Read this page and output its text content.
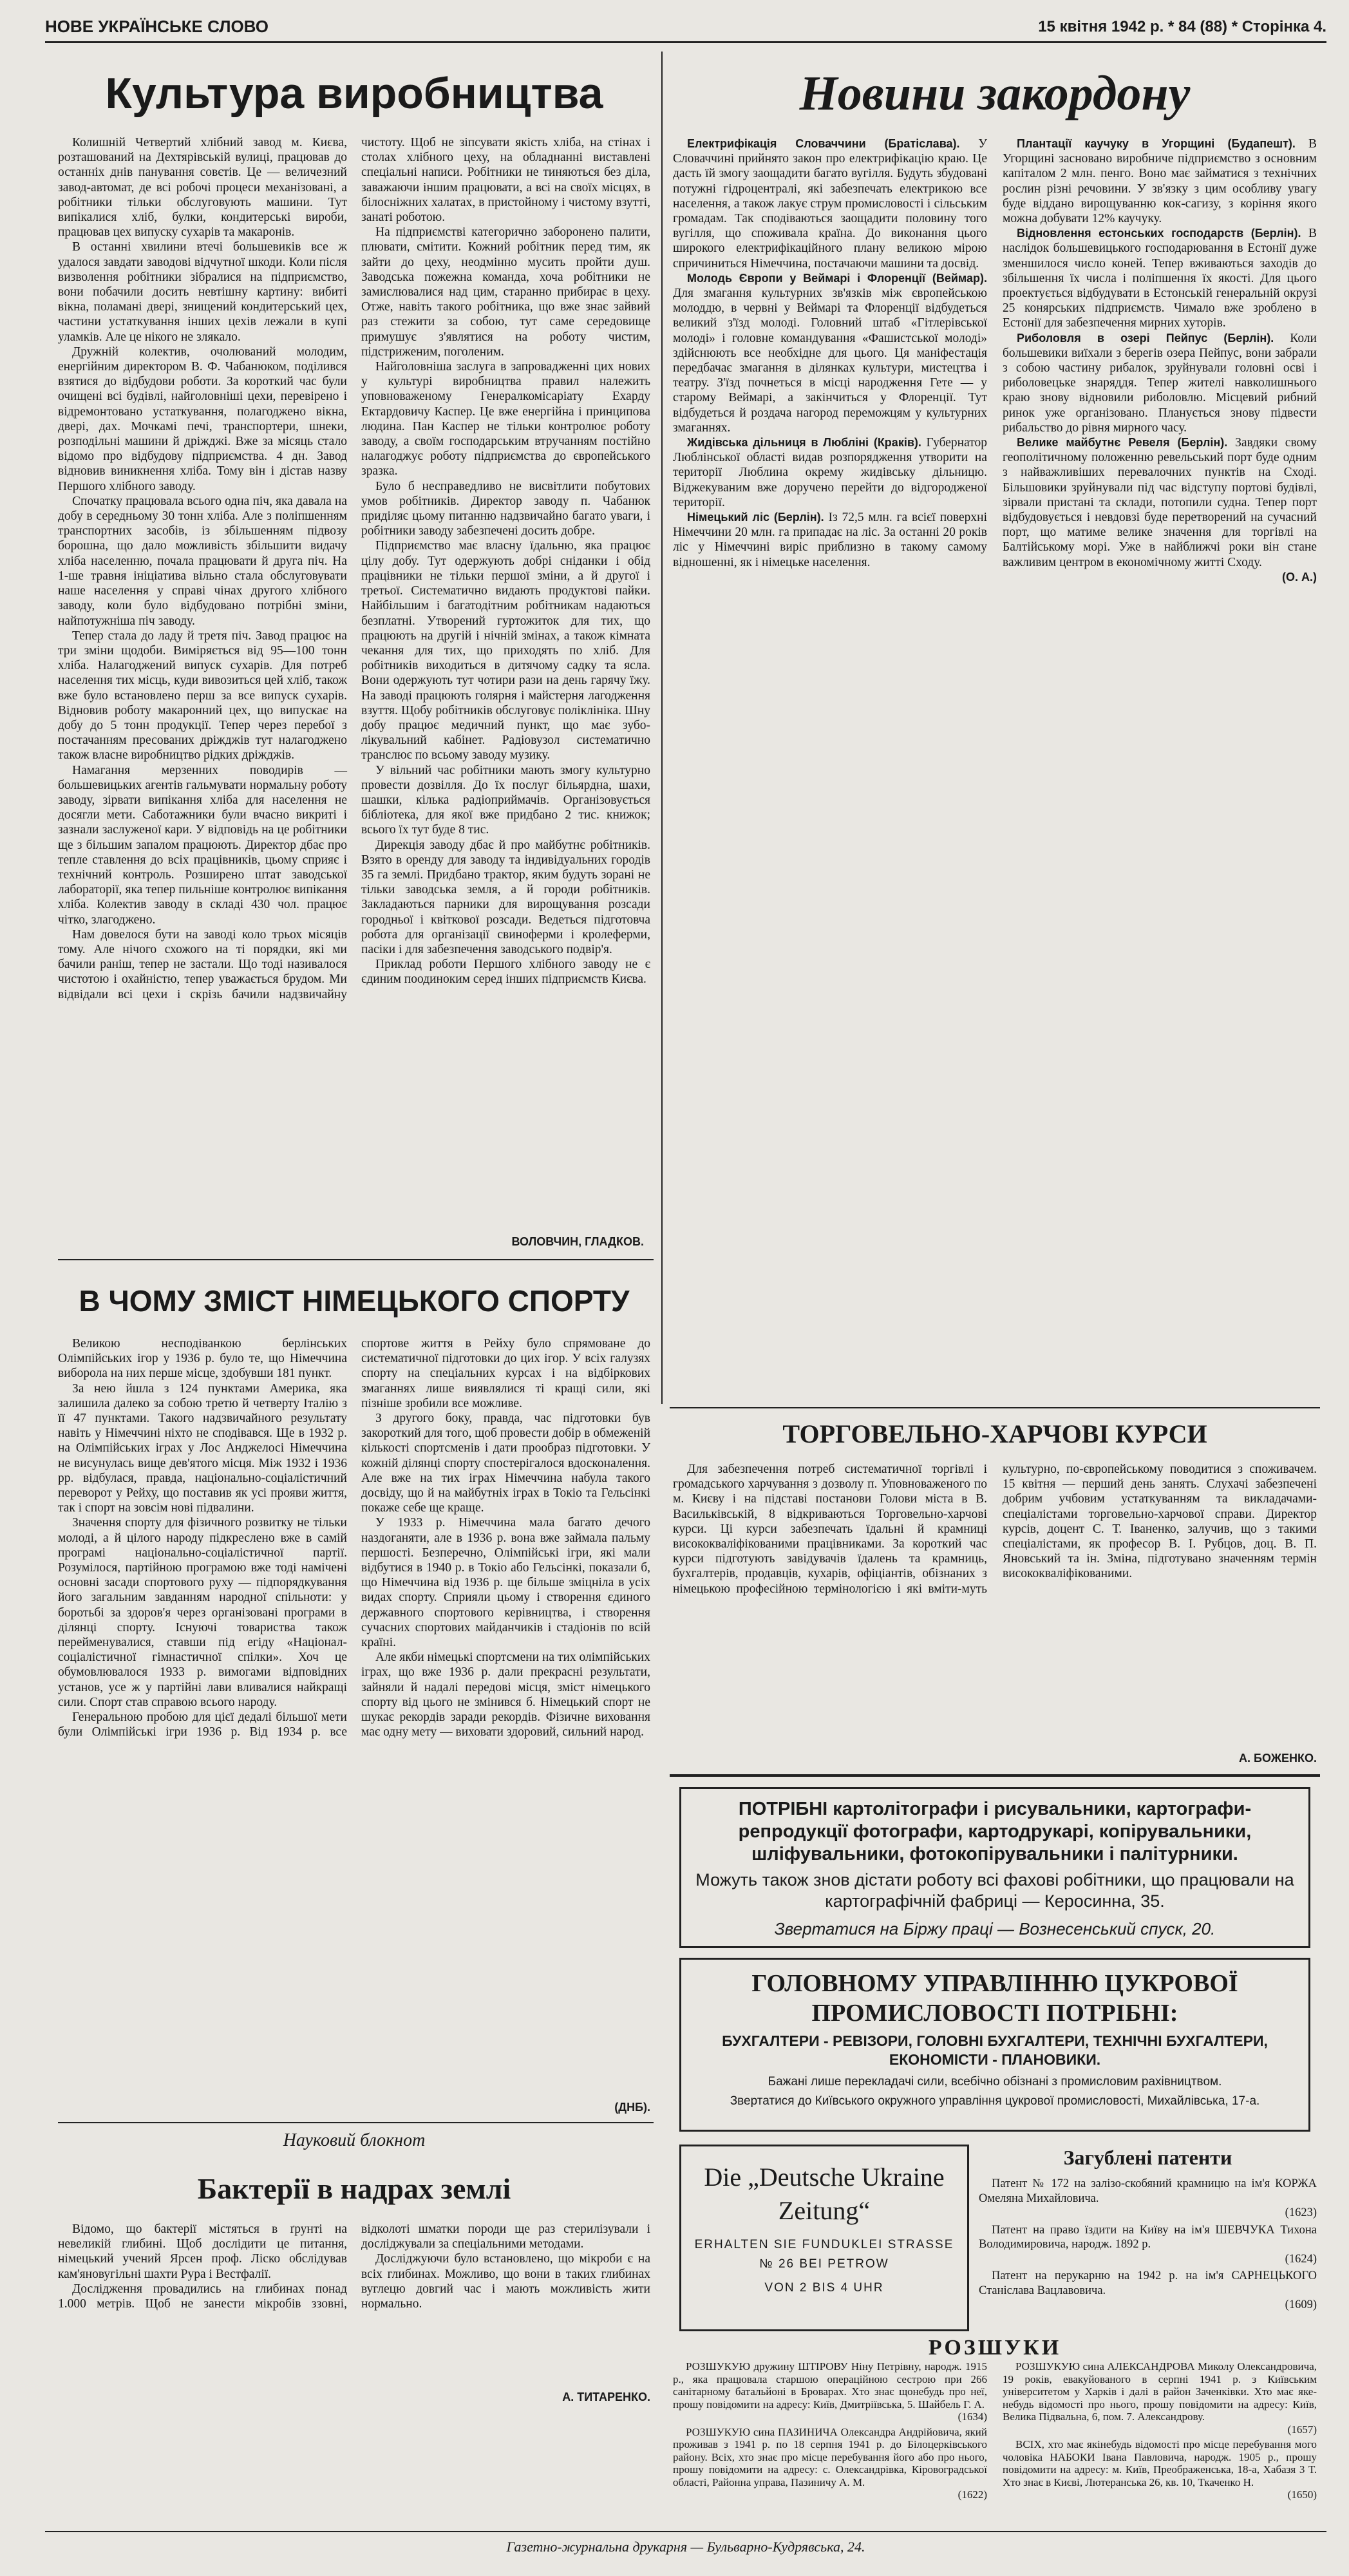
НОВЕ УКРАЇНСЬКЕ СЛОВО	15 квітня 1942 р. * 84 (88) * Сторінка 4.
Культура виробництва

Колишній Четвертий хлібний завод м. Києва, розташований на Дехтярівській вулиці, працював до останніх днів панування совєтів. Це — величезний завод-автомат, де всі робочі процеси механізовані, а робітники тільки обслуговують машини. Тут випікалися хліб, булки, кондитерські вироби, працював цех випуску сухарів та макаронів.

В останні хвилини втечі большевиків все ж удалося завдати заводові відчутної шкоди. Коли після визволення робітники зібралися на підприємство, вони побачили досить невтішну картину: вибиті вікна, поламані двері, знищений кондитерський цех, частини устаткування інших цехів лежали в купі уламків. Але це нікого не злякало.

Дружній колектив, очолюваний молодим, енергійним директором В. Ф. Чабанюком, поділився взятися до відбудови роботи. За короткий час були очищені всі будівлі, найголовніші цехи, перевірено і відремонтовано устаткування, полагоджено вікна, двері, дах. Мочкамі печі, транспортери, шнеки, розподільні машини й дріжджі. Вже за місяць стало відомо про відбудову підприємства. 4 дн. Завод відновив виникнення хліба. Тому він і дістав назву Першого хлібного заводу.

Спочатку працювала всього одна піч, яка давала на добу в середньому 30 тонн хліба. Але з поліпшенням транспортних засобів, із збільшенням підвозу борошна, що дало можливість збільшити видачу хліба населенню, почала працювати й друга піч. На 1-ше травня ініціатива вільно стала обслуговувати наше населення у справі чінах другого хлібного заводу, коли було відбудовано потрібні зміни, найпотужніша піч заводу.

Тепер стала до ладу й третя піч. Завод працює на три зміни щодоби. Виміряється від 95—100 тонн хліба. Налагоджений випуск сухарів. Для потреб населення тих місць, куди вивозиться цей хліб, також вже було встановлено перш за все випуск сухарів. Відновив роботу макаронний цех, що випускає на добу до 5 тонн продукції. Тепер через перебої з постачанням пресованих дріжджів тут налагоджено також власне виробництво рідких дріжджів.

Намагання мерзенних поводирів — большевицьких агентів гальмувати нормальну роботу заводу, зірвати випікання хліба для населення не досягли мети. Саботажники були вчасно викриті і зазнали заслуженої кари. У відповідь на це робітники ще з більшим запалом працюють. Директор дбає про тепле ставлення до всіх працівників, цьому сприяє і технічний контроль. Розширено штат заводської лабораторії, яка тепер пильніше контролює випікання хліба. Колектив заводу в складі 430 чол. працює чітко, злагоджено.

Нам довелося бути на заводі коло трьох місяців тому. Але нічого схожого на ті порядки, які ми бачили раніш, тепер не застали. Що тоді називалося чистотою і охайністю, тепер уважається брудом. Ми відвідали всі цехи і скрізь бачили надзвичайну чистоту. Щоб не зіпсувати якість хліба, на стінах і столах хлібного цеху, на обладнанні виставлені спеціальні написи. Робітники не тиняються без діла, заважаючи іншим працювати, а всі на своїх місцях, в білосніжних халатах, в пристойному і чистому взутті, занаті роботою.

На підприємстві категорично заборонено палити, плювати, смітити. Кожний робітник перед тим, як зайти до цеху, неодмінно мусить пройти душ. Заводська пожежна команда, хоча робітники не замислювалися над цим, старанно прибирає в цеху. Отже, навіть такого робітника, що вже знає зайвий раз стежити за собою, тут саме середовище примушує з'являтися на роботу чистим, підстриженим, поголеним.

Найголовніша заслуга в запровадженні цих нових у культурі виробництва правил належить уповноваженому Генералкомісаріату Ехарду Ектардовичу Каспер. Це вже енергійна і принципова людина. Пан Каспер не тільки контролює роботу заводу, а своїм господарським втручанням постійно налагоджує роботу підприємства до європейського зразка.

Було б несправедливо не висвітлити побутових умов робітників. Директор заводу п. Чабанюк приділяє цьому питанню надзвичайно багато уваги, і робітники заводу забезпечені досить добре.

Підприємство має власну їдальню, яка працює цілу добу. Тут одержують добрі сніданки і обід працівники не тільки першої зміни, а й другої і третьої. Систематично видають продуктові пайки. Найбільшим і багатодітним робітникам надаються безплатні. Утворений гуртожиток для тих, що працюють на другій і нічній змінах, а також кімната чекання для тих, що приходять по хліб. Для робітників виходиться в дитячому садку та ясла. Вони одержують тут чотири рази на день гарячу їжу. На заводі працюють голярня і майстерня лагодження взуття. Щобу робітників обслуговує поліклініка. Шну добу працює медичний пункт, що має зубо-лікувальний кабінет. Радіовузол систематично транслює по всьому заводу музику.

У вільний час робітники мають змогу культурно провести дозвілля. До їх послуг більярдна, шахи, шашки, кілька радіоприймачів. Організовується бібліотека, для якої вже придбано 2 тис. книжок; всього їх тут буде 8 тис.

Дирекція заводу дбає й про майбутнє робітників. Взято в оренду для заводу та індивідуальних городів 35 га землі. Придбано трактор, яким будуть зорані не тільки заводська земля, а й городи робітників. Закладаються парники для вирощування розсади городньої і квіткової розсади. Ведеться підготовча робота для організації свиноферми і кролеферми, пасіки і для забезпечення заводського подвір'я.

Приклад роботи Першого хлібного заводу не є єдиним поодиноким серед інших підприємств Києва.

ВОЛОВЧИН, ГЛАДКОВ.
В ЧОМУ ЗМІСТ НІМЕЦЬКОГО СПОРТУ

Великою несподіванкою берлінських Олімпійських ігор у 1936 р. було те, що Німеччина виборола на них перше місце, здобувши 181 пункт.

За нею йшла з 124 пунктами Америка, яка залишила далеко за собою третю й четверту Італію з її 47 пунктами. Такого надзвичайного результату навіть у Німеччині ніхто не сподівався. Ще в 1932 р. на Олімпійських іграх у Лос Анджелосі Німеччина не висунулась вище дев'ятого місця. Між 1932 і 1936 рр. відбулася, правда, національно-соціалістичний переворот у Рейху, що поставив як усі прояви життя, так і спорт на зовсім нові підвалини.

Значення спорту для фізичного розвитку не тільки молоді, а й цілого народу підкреслено вже в самій програмі національно-соціалістичної партії. Розумілося, партійною програмою вже тоді намічені основні засади спортового руху — підпорядкування його загальним завданням народної спільноти: у боротьбі за здоров'я через організовані програми в ділянці спорту. Існуючі товариства також перейменувалися, ставши під егіду «Націонал-соціалістичної гімнастичної спілки». Хоч це обумовлювалося 1933 р. вимогами відповідних установ, усе ж у партійні лави вливалися найкращі сили. Спорт став справою всього народу.

Генеральною пробою для цієї дедалі більшої мети були Олімпійські ігри 1936 р. Від 1934 р. все спортове життя в Рейху було спрямоване до систематичної підготовки до цих ігор. У всіх галузях спорту на спеціальних курсах і на відбіркових змаганнях лише виявлялися ті кращі сили, які пізніше зробили все можливе.

З другого боку, правда, час підготовки був закороткий для того, щоб провести добір в обмеженій кількості спортсменів і дати прообраз підготовки. У кожній ділянці спорту спостерігалося вдосконалення. Але вже на тих іграх Німеччина набула такого досвіду, що й на майбутніх іграх в Токіо та Гельсінкі покаже себе ще краще.

У 1933 р. Німеччина мала багато дечого наздоганяти, але в 1936 р. вона вже займала пальму першості. Безперечно, Олімпійські ігри, які мали відбутися в 1940 р. в Токіо або Гельсінкі, показали б, що Німеччина від 1936 р. ще більше зміцніла в усіх видах спорту. Сприяли цьому і створення єдиного державного спортового керівництва, і створення сучасних спортових майданчиків і стадіонів по всій країні.

Але якби німецькі спортсмени на тих олімпійських іграх, що вже 1936 р. дали прекрасні результати, зайняли й надалі передові місця, зміст німецького спорту від цього не змінився б. Німецький спорт не шукає рекордів заради рекордів. Фізичне виховання має одну мету — виховати здоровий, сильний народ.

(ДНБ).
Науковий блокнот
Бактерії в надрах землі

Відомо, що бактерії містяться в ґрунті на невеликій глибині. Щоб дослідити це питання, німецький учений Ярсен проф. Ліско обслідував кам'яновугільні шахти Рура і Вестфалії.

Дослідження провадились на глибинах понад 1.000 метрів. Щоб не занести мікробів ззовні, відколоті шматки породи ще раз стерилізували і досліджували за спеціальними методами.

Досліджуючи було встановлено, що мікроби є на всіх глибинах. Можливо, що вони в таких глибинах вуглецю довгий час і мають можливість жити нормально.

А. ТИТАРЕНКО.
Новини закордону

Електрифікація Словаччини (Братіслава). У Словаччині прийнято закон про електрифікацію краю. Це дасть їй змогу заощадити багато вугілля. Будуть збудовані потужні гідроцентралі, які забезпечать електрикою все населення, а також лакує струм промисловості і сільським громадам. Так сподіваються заощадити половину того вугілля, що споживала країна. До виконання цього широкого електрифікаційного плану великою мірою спричиниться Німеччина, постачаючи машини та досвід.

Молодь Європи у Веймарі і Флоренції (Веймар). Для змагання культурних зв'язків між європейською молоддю, в червні у Веймарі та Флоренції відбудеться великий з'їзд молоді. Головний штаб «Гітлерівської молоді» і головне командування «Фашистської молоді» здійснюють все необхідне для цього. Ця маніфестація передбачає змагання в ділянках культури, мистецтва і театру. З'їзд почнеться в місці народження Гете — у старому Веймарі, а закінчиться у Флоренції. Тут відбудеться й роздача нагород переможцям у культурних змаганнях.

Жидівська дільниця в Любліні (Краків). Губернатор Люблінської області видав розпорядження утворити на території Люблина окрему жидівську дільницю. Віджекуваним вже доручено перейти до відгородженої території.

Німецький ліс (Берлін). Із 72,5 млн. га всієї поверхні Німеччини 20 млн. га припадає на ліс. За останні 20 років ліс у Німеччині виріс приблизно в такому самому відношенні, як і німецьке населення.

Плантації каучуку в Угорщині (Будапешт). В Угорщині засновано виробниче підприємство з основним капіталом 2 млн. пенго. Воно має займатися з технічних рослин різні речовини. У зв'язку з цим особливу увагу буде віддано вирощуванню кок-сагизу, з коріння якого можна добувати 12% каучуку.

Відновлення естонських господарств (Берлін). В наслідок большевицького господарювання в Естонії дуже зменшилося число коней. Тепер вживаються заходів до збільшення їх числа і поліпшення їх якості. Для цього проектується відбудувати в Естонській генеральній окрузі 25 конярських підприємств. Чимало вже зроблено в Естонії для забезпечення мирних хуторів.

Риболовля в озері Пейпус (Берлін). Коли большевики виїхали з берегів озера Пейпус, вони забрали з собою частину рибалок, зруйнували головні осві і риболовецьке знаряддя. Тепер жителі навколишнього краю знову відновили риболовлю. Місцевий рибний ринок уже організовано. Планується знову підвести рибальство до рівня мирного часу.

Велике майбутнє Ревеля (Берлін). Завдяки свому геополітичному положенню ревельський порт буде одним з найважливіших перевалочних пунктів на Сході. Більшовики зруйнували під час відступу портові будівлі, зірвали пристані та склади, потопили судна. Тепер порт відбудовується і невдовзі буде перетворений на сучасний порт, що матиме велике значення для торгівлі на Балтійському морі. Уже в найближчі роки він стане важливим центром в економічному житті Сходу.

(О. А.)

ТОРГОВЕЛЬНО-ХАРЧОВІ КУРСИ

Для забезпечення потреб систематичної торгівлі і громадського харчування з дозволу п. Уповноваженого по м. Києву і на підставі постанови Голови міста в В. Васильківській, 8 відкриваються Торговельно-харчові курси. Ці курси забезпечать їдальні й крамниці висококваліфікованими працівниками. За короткий час курси підготують завідувачів їдалень та крамниць, бухгалтерів, продавців, кухарів, офіціантів, обізнаних з німецькою професійною термінологією і які вміти-муть культурно, по-європейському поводитися з споживачем. 15 квітня — перший день занять. Слухачі забезпечені добрим учбовим устаткуванням та викладачами-спеціалістами торговельно-харчової справи. Директор курсів, доцент С. Т. Іваненко, залучив, що з такими спеціалістами, як професор В. І. Рубцов, доц. В. П. Яновський та ін. Зміна, підготувано значенням термін висококваліфікованими.

А. БОЖЕНКО.
ПОТРІБНІ картолітографи і рисувальники, картографи-репродукції фотографи, картодрукарі, копірувальники, шліфувальники, фотокопірувальники і палітурники.
Можуть також знов дістати роботу всі фахові робітники, що працювали на картографічній фабриці — Керосинна, 35.
Звертатися на Біржу праці — Вознесенський спуск, 20.
ГОЛОВНОМУ УПРАВЛІННЮ ЦУКРОВОЇ ПРОМИСЛОВОСТІ ПОТРІБНІ:
БУХГАЛТЕРИ - РЕВІЗОРИ, ГОЛОВНІ БУХГАЛТЕРИ, ТЕХНІЧНІ БУХГАЛТЕРИ, ЕКОНОМІСТИ - ПЛАНОВИКИ.
Бажані лише перекладачі сили, всебічно обізнані з промисловим рахівництвом.
Звертатися до Київського окружного управління цукрової промисловості, Михайлівська, 17-а.
Die „Deutsche Ukraine Zeitung“
ERHALTEN SIE FUNDUKLEI STRASSE № 26 BEI PETROW
VON 2 BIS 4 UHR
Загублені патенти

Патент № 172 на залізо-скобяний крамницю на ім'я КОРЖА Омеляна Михайловича.
(1623)

Патент на право їздити на Київу на ім'я ШЕВЧУКА Тихона Володимировича, народж. 1892 р.
(1624)

Патент на перукарню на 1942 р. на ім'я САРНЕЦЬКОГО Станіслава Вацлавовича.
(1609)

РОЗШУКИ

РОЗШУКУЮ дружину ШТІРОВУ Ніну Петрівну, народж. 1915 р., яка працювала старшою операційною сестрою при 266 санітарному батальйоні в Броварах. Хто знає щонебудь про неї, прошу повідомити на адресу: Київ, Дмитріївська, 5. Шайбель Г. А.
(1634)

РОЗШУКУЮ сина ПАЗИНИЧА Олександра Андрійовича, який проживав з 1941 р. по 18 серпня 1941 р. до Білоцерківського району. Всіх, хто знає про місце перебування його або про нього, прошу повідомити на адресу: с. Олександрівка, Кіровоградської області, Районна управа, Пазиничу А. М.
(1622)

РОЗШУКУЮ сина АЛЕКСАНДРОВА Миколу Олександровича, 19 років, евакуйованого в серпні 1941 р. з Київським університетом у Харків і далі в район Заченківки. Хто має яке-небудь відомості про нього, прошу повідомити на адресу: Київ, Велика Підвальна, 6, пом. 7. Александрову.
(1657)

ВСІХ, хто має якінебудь відомості про місце перебування мого чоловіка НАБОКИ Івана Павловича, народж. 1905 р., прошу повідомити на адресу: м. Київ, Преображенська, 18-а, Хабазя 3 Т. Хто знає в Києві, Лютеранська 26, кв. 10, Ткаченко Н.
(1650)

Газетно-журнальна друкарня — Бульварно-Кудрявська, 24.
